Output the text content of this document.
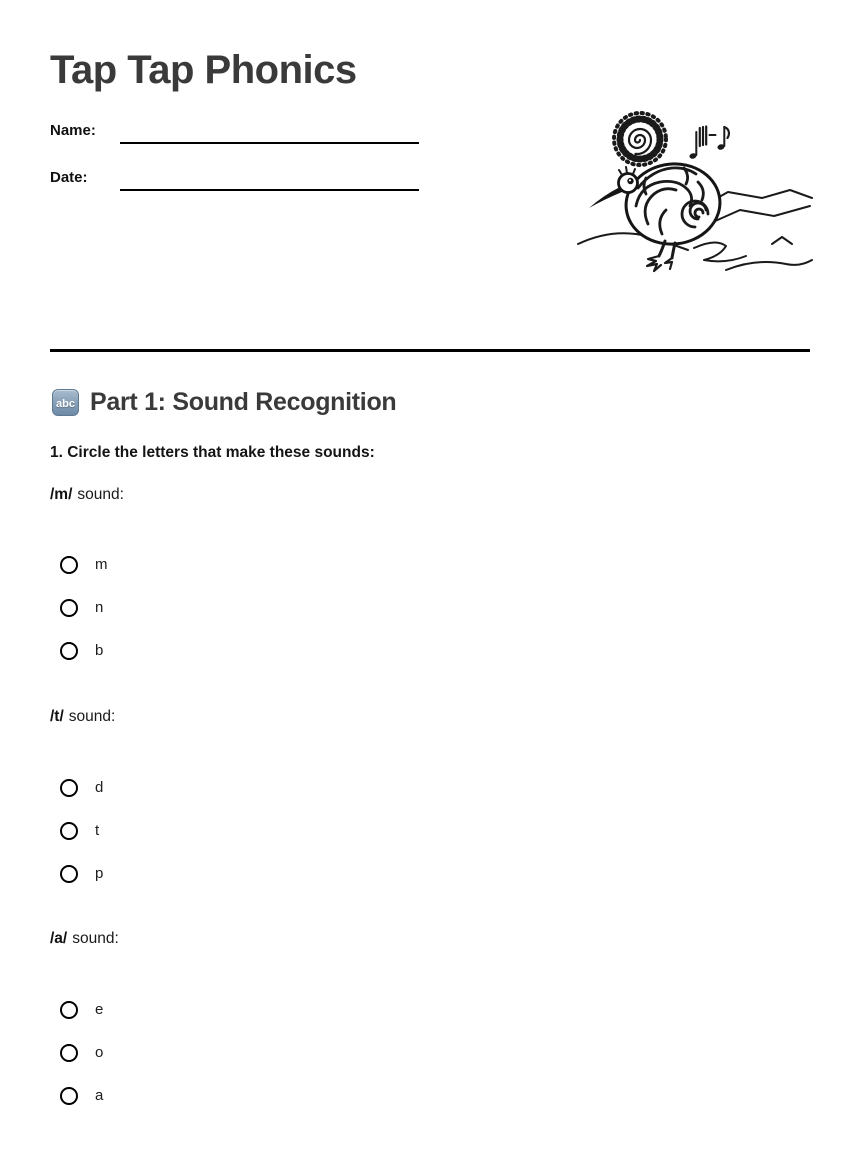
Tap Tap Phonics
Name:
Date:
abc Part 1: Sound Recognition
1. Circle the letters that make these sounds:
/m/ sound:
m
n
b
/t/ sound:
d
t
p
/a/ sound:
e
o
a
